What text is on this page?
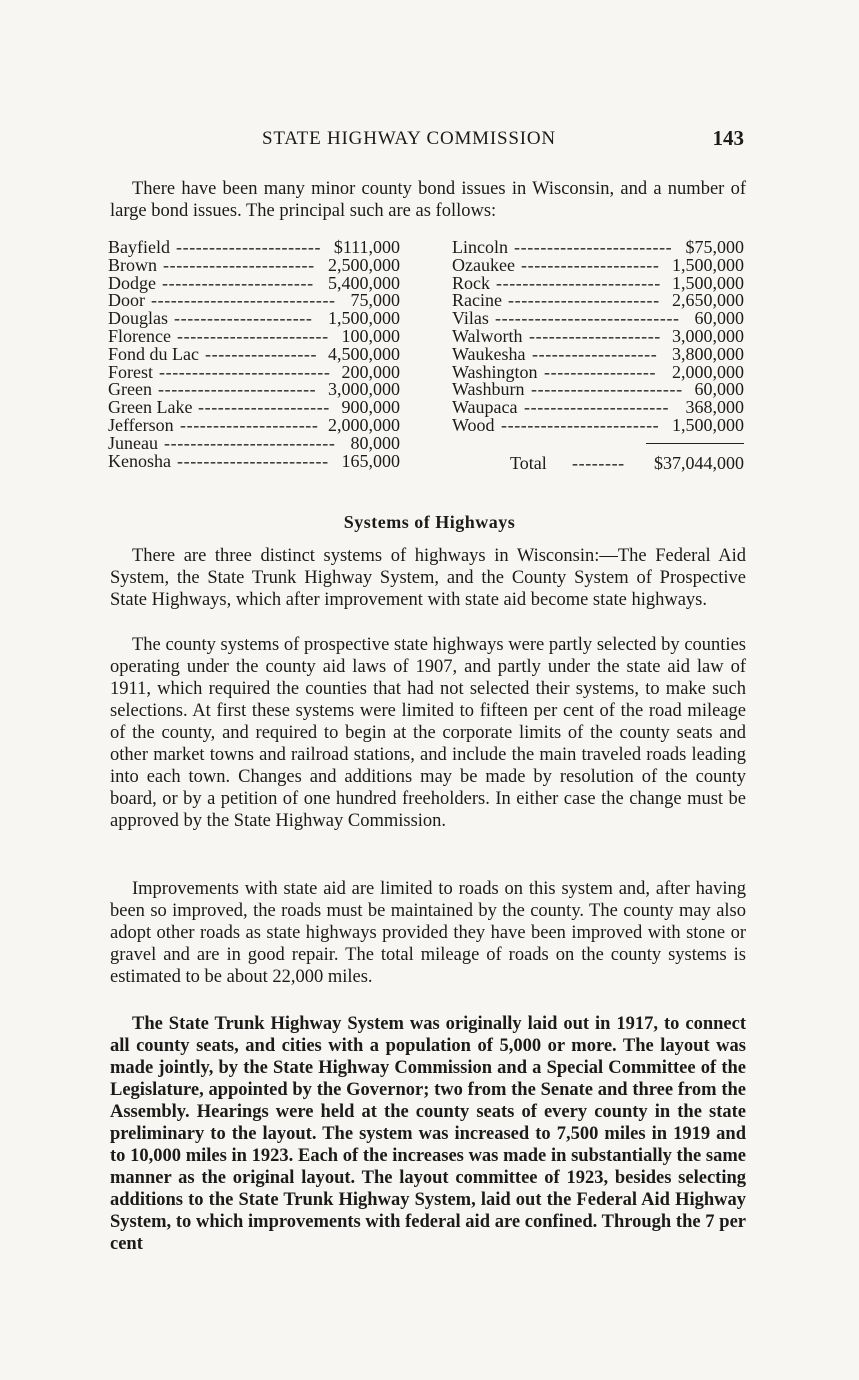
STATE HIGHWAY COMMISSION	143

There have been many minor county bond issues in Wisconsin, and a number of large bond issues. The principal such are as follows:

Bayfield ---------------------- $111,000
Brown ----------------------- 2,500,000
Dodge ----------------------- 5,400,000
Door ---------------------------- 75,000
Douglas --------------------- 1,500,000
Florence ----------------------- 100,000
Fond du Lac ----------------- 4,500,000
Forest -------------------------- 200,000
Green ------------------------ 3,000,000
Green Lake -------------------- 900,000
Jefferson --------------------- 2,000,000
Juneau -------------------------- 80,000
Kenosha ----------------------- 165,000
Lincoln ------------------------ $75,000
Ozaukee --------------------- 1,500,000
Rock ------------------------- 1,500,000
Racine ----------------------- 2,650,000
Vilas ---------------------------- 60,000
Walworth -------------------- 3,000,000
Waukesha ------------------- 3,800,000
Washington ----------------- 2,000,000
Washburn ----------------------- 60,000
Waupaca ---------------------- 368,000
Wood ------------------------ 1,500,000
Total -------- $37,044,000
Systems of Highways

There are three distinct systems of highways in Wisconsin:—The Federal Aid System, the State Trunk Highway System, and the County System of Prospective State Highways, which after improvement with state aid become state highways.

The county systems of prospective state highways were partly selected by counties operating under the county aid laws of 1907, and partly under the state aid law of 1911, which required the counties that had not selected their systems, to make such selections. At first these systems were limited to fifteen per cent of the road mileage of the county, and required to begin at the corporate limits of the county seats and other market towns and railroad stations, and include the main traveled roads leading into each town. Changes and additions may be made by resolution of the county board, or by a petition of one hundred freeholders. In either case the change must be approved by the State Highway Commission.

Improvements with state aid are limited to roads on this system and, after having been so improved, the roads must be maintained by the county. The county may also adopt other roads as state highways provided they have been improved with stone or gravel and are in good repair. The total mileage of roads on the county systems is estimated to be about 22,000 miles.

The State Trunk Highway System was originally laid out in 1917, to connect all county seats, and cities with a population of 5,000 or more. The layout was made jointly, by the State Highway Commission and a Special Committee of the Legislature, appointed by the Governor; two from the Senate and three from the Assembly. Hearings were held at the county seats of every county in the state preliminary to the layout. The system was increased to 7,500 miles in 1919 and to 10,000 miles in 1923. Each of the increases was made in substantially the same manner as the original layout. The layout committee of 1923, besides selecting additions to the State Trunk Highway System, laid out the Federal Aid Highway System, to which improvements with federal aid are confined. Through the 7 per cent
